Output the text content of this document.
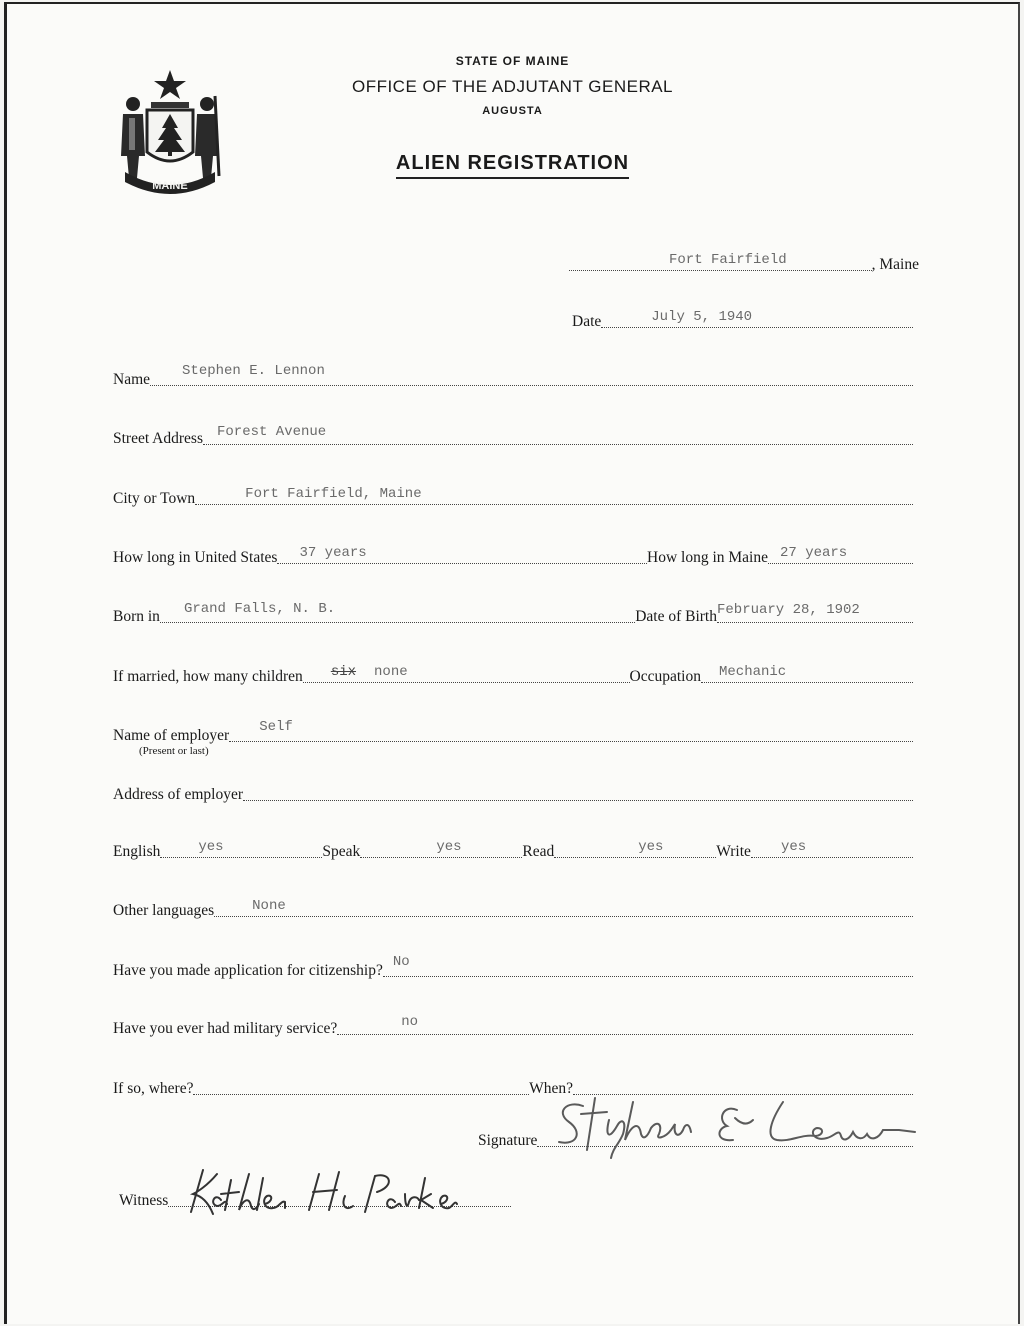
MAINE
STATE OF MAINE
OFFICE OF THE ADJUTANT GENERAL
AUGUSTA
ALIEN REGISTRATION
Fort Fairfield	, Maine
Date	July 5, 1940
Name Stephen E. Lennon
Street Address Forest Avenue
City or Town	Fort Fairfield, Maine
How long in United States 37 years	How long in Maine 27 years
Born in Grand Falls, N. B.	Date of Birth February 28, 1902
If married, how many children six none	Occupation Mechanic
Name of employer Self
(Present or last)
Address of employer
English	yes	Speak	yes	Read	yes	Write yes
Other languages	None
Have you made application for citizenship? No
Have you ever had military service?	no
If so, where?	When?
Signature
Witness
